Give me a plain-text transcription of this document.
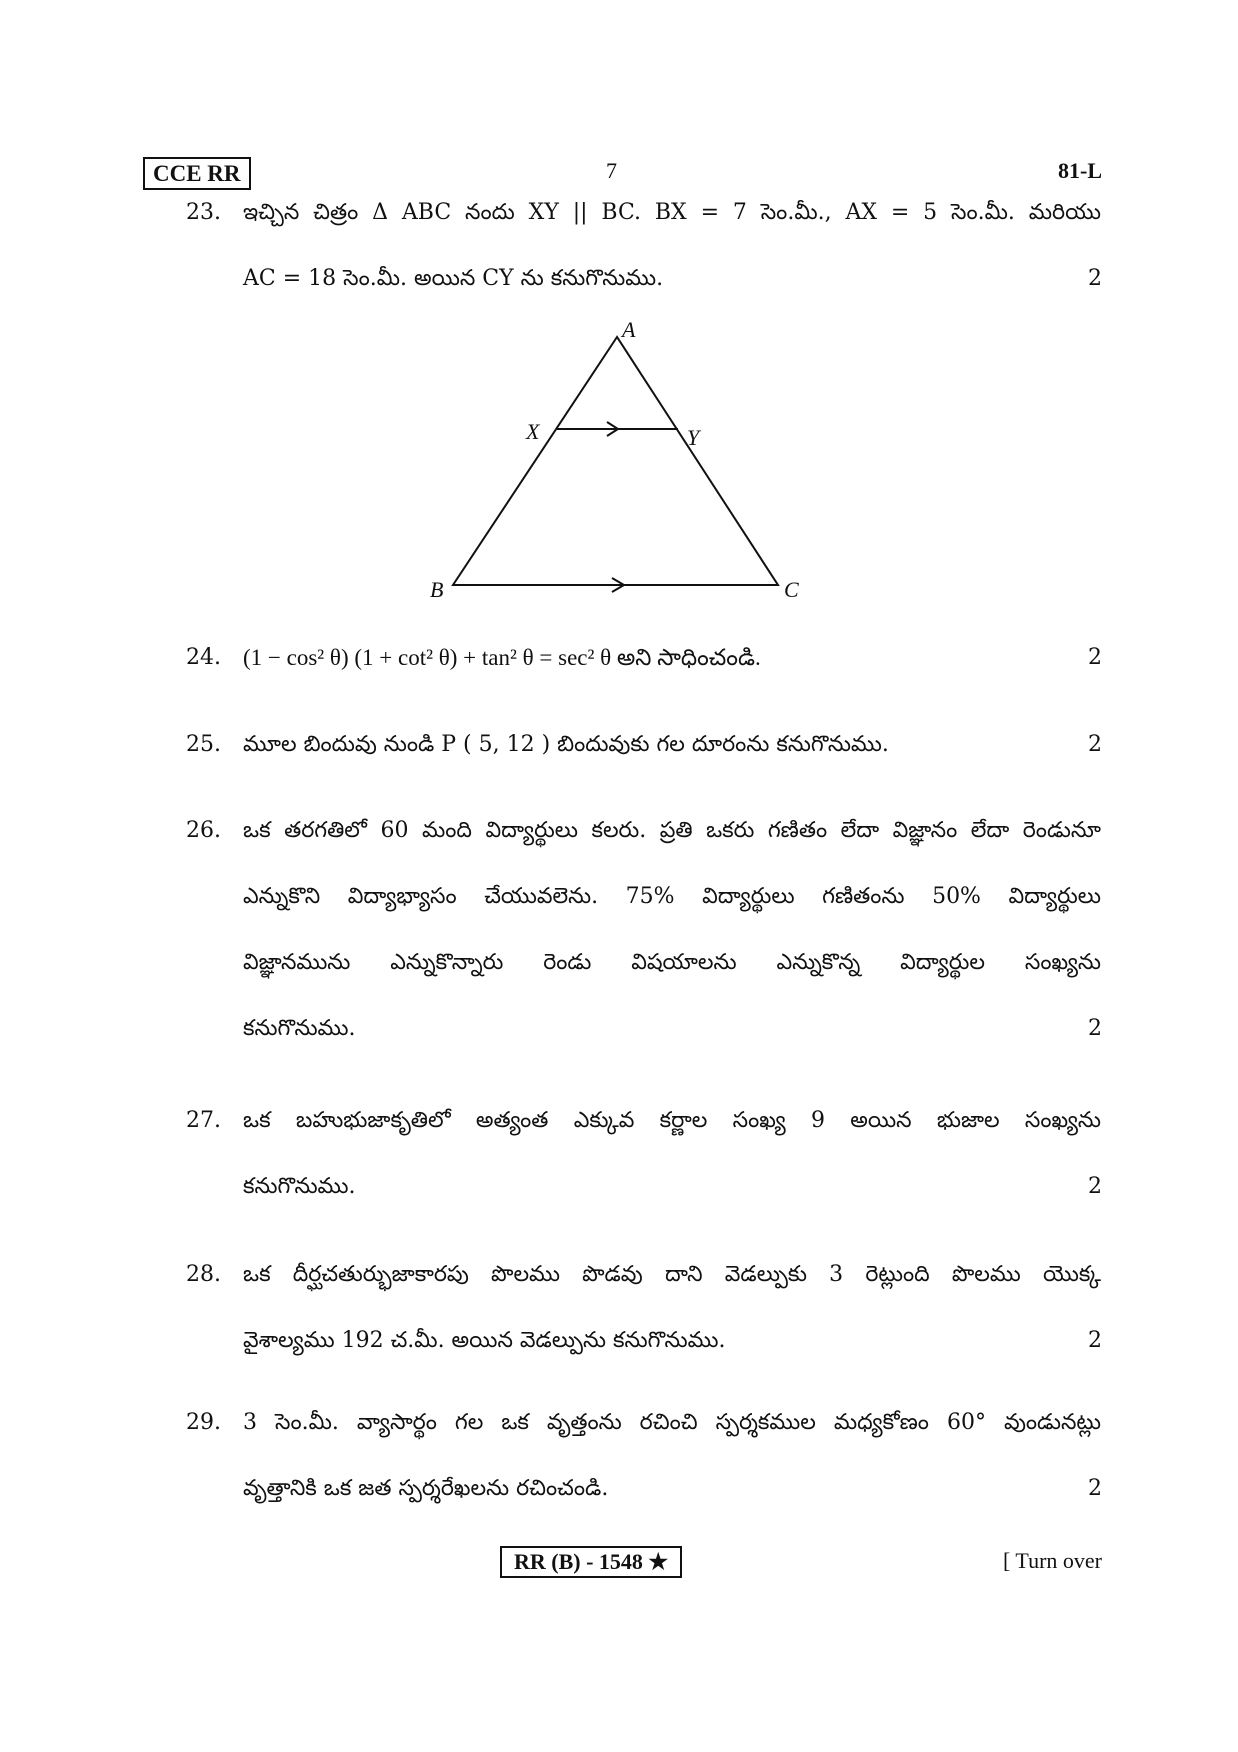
CCE RR	7	81-L
23.	ఇచ్చిన చిత్రం Δ ABC నందు XY || BC. BX = 7 సెం.మీ., AX = 5 సెం.మీ. మరియు
AC = 18 సెం.మీ. అయిన CY ను కనుగొనుము.	2
A
X	Y
B	C
24. (1 − cos² θ) (1 + cot² θ) + tan² θ = sec² θ అని సాధించండి.	2
25.	మూల బిందువు నుండి P ( 5, 12 ) బిందువుకు గల దూరంను కనుగొనుము.	2
26.	ఒక తరగతిలో 60 మంది విద్యార్థులు కలరు. ప్రతి ఒకరు గణితం లేదా విజ్ఞానం లేదా రెండునూ
ఎన్నుకొని విద్యాభ్యాసం చేయువలెను. 75% విద్యార్థులు గణితంను 50% విద్యార్థులు
విజ్ఞానమును ఎన్నుకొన్నారు రెండు విషయాలను ఎన్నుకొన్న విద్యార్థుల సంఖ్యను
కనుగొనుము.	2
27.	ఒక బహుభుజాకృతిలో అత్యంత ఎక్కువ కర్ణాల సంఖ్య 9 అయిన భుజాల సంఖ్యను
కనుగొనుము.	2
28.	ఒక దీర్ఘచతుర్భుజాకారపు పొలము పొడవు దాని వెడల్పుకు 3 రెట్లుంది పొలము యొక్క
వైశాల్యము 192 చ.మీ. అయిన వెడల్పును కనుగొనుము.	2
29.	3 సెం.మీ. వ్యాసార్థం గల ఒక వృత్తంను రచించి స్పర్శకముల మధ్యకోణం 60° వుండునట్లు
వృత్తానికి ఒక జత స్పర్శరేఖలను రచించండి.	2
RR (B) - 1548 ★	[ Turn over
